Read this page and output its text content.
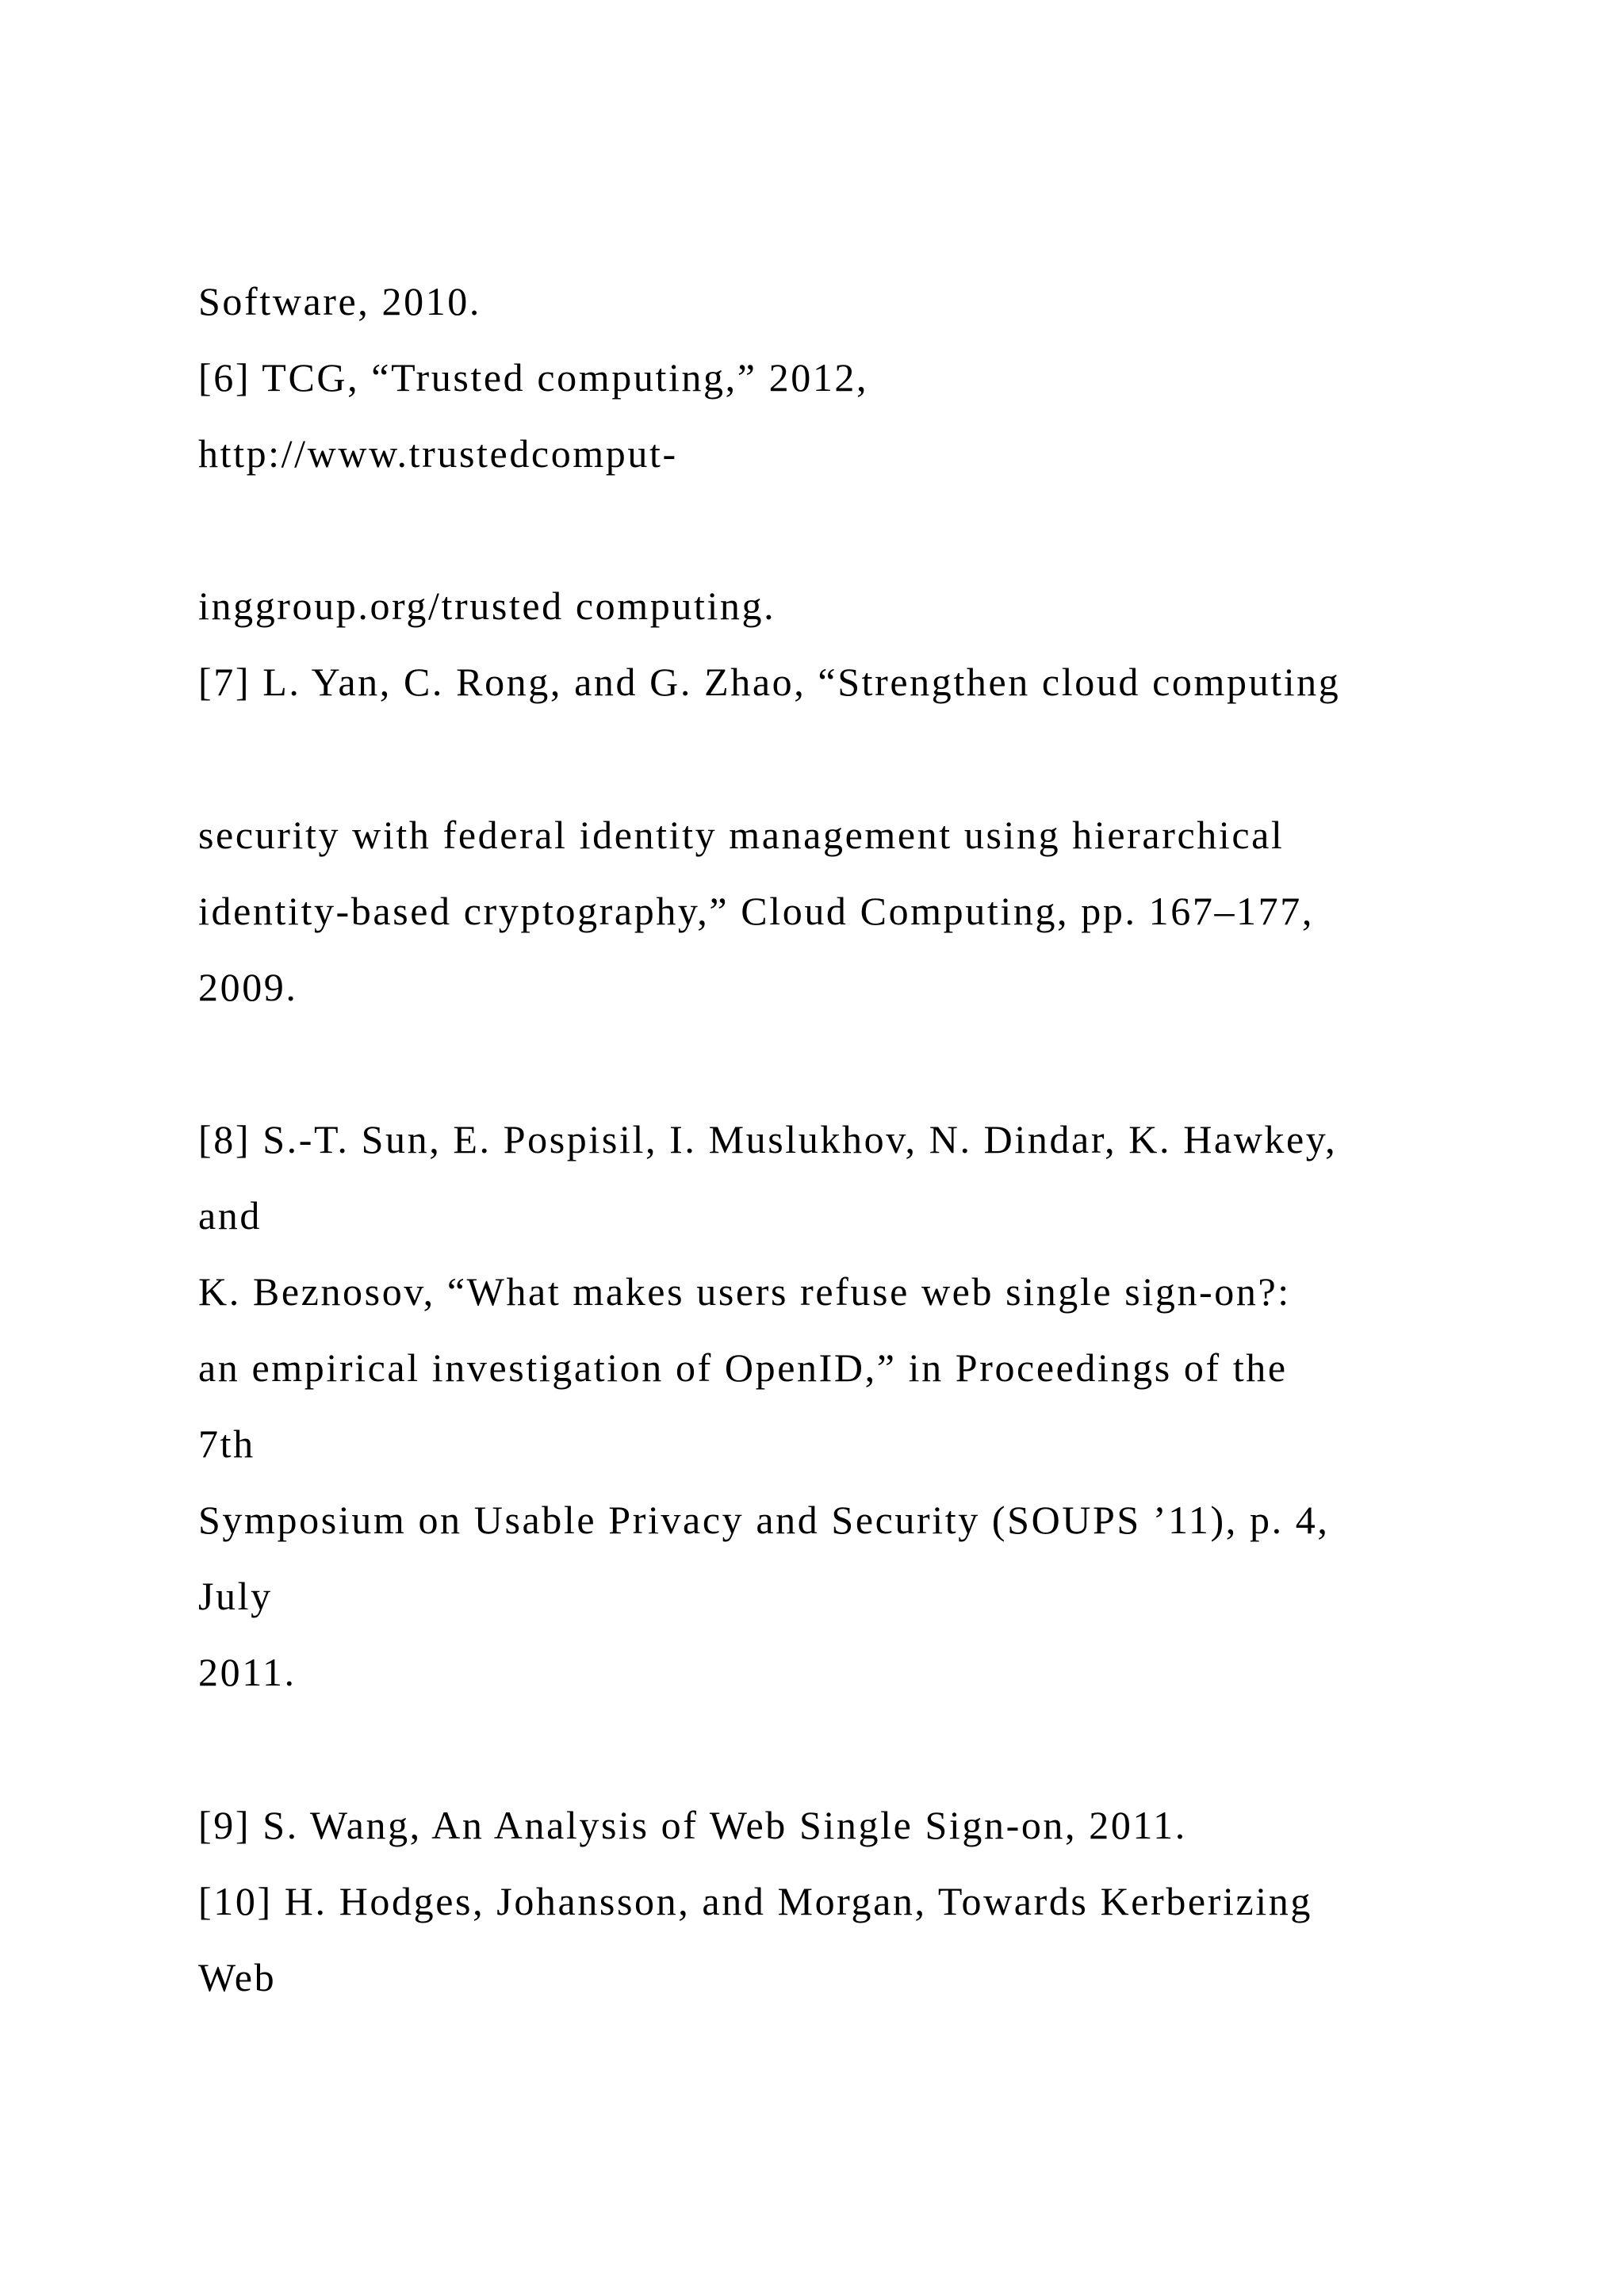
Software, 2010.

[6] TCG, “Trusted computing,” 2012,

http://www.trustedcomput-

inggroup.org/trusted computing.

[7] L. Yan, C. Rong, and G. Zhao, “Strengthen cloud computing

security with federal identity management using hierarchical

identity-based cryptography,” Cloud Computing, pp. 167–177,

2009.

[8] S.-T. Sun, E. Pospisil, I. Muslukhov, N. Dindar, K. Hawkey,

and

K. Beznosov, “What makes users refuse web single sign-on?:

an empirical investigation of OpenID,” in Proceedings of the

7th

Symposium on Usable Privacy and Security (SOUPS ’11), p. 4,

July

2011.

[9] S. Wang, An Analysis of Web Single Sign-on, 2011.

[10] H. Hodges, Johansson, and Morgan, Towards Kerberizing

Web
